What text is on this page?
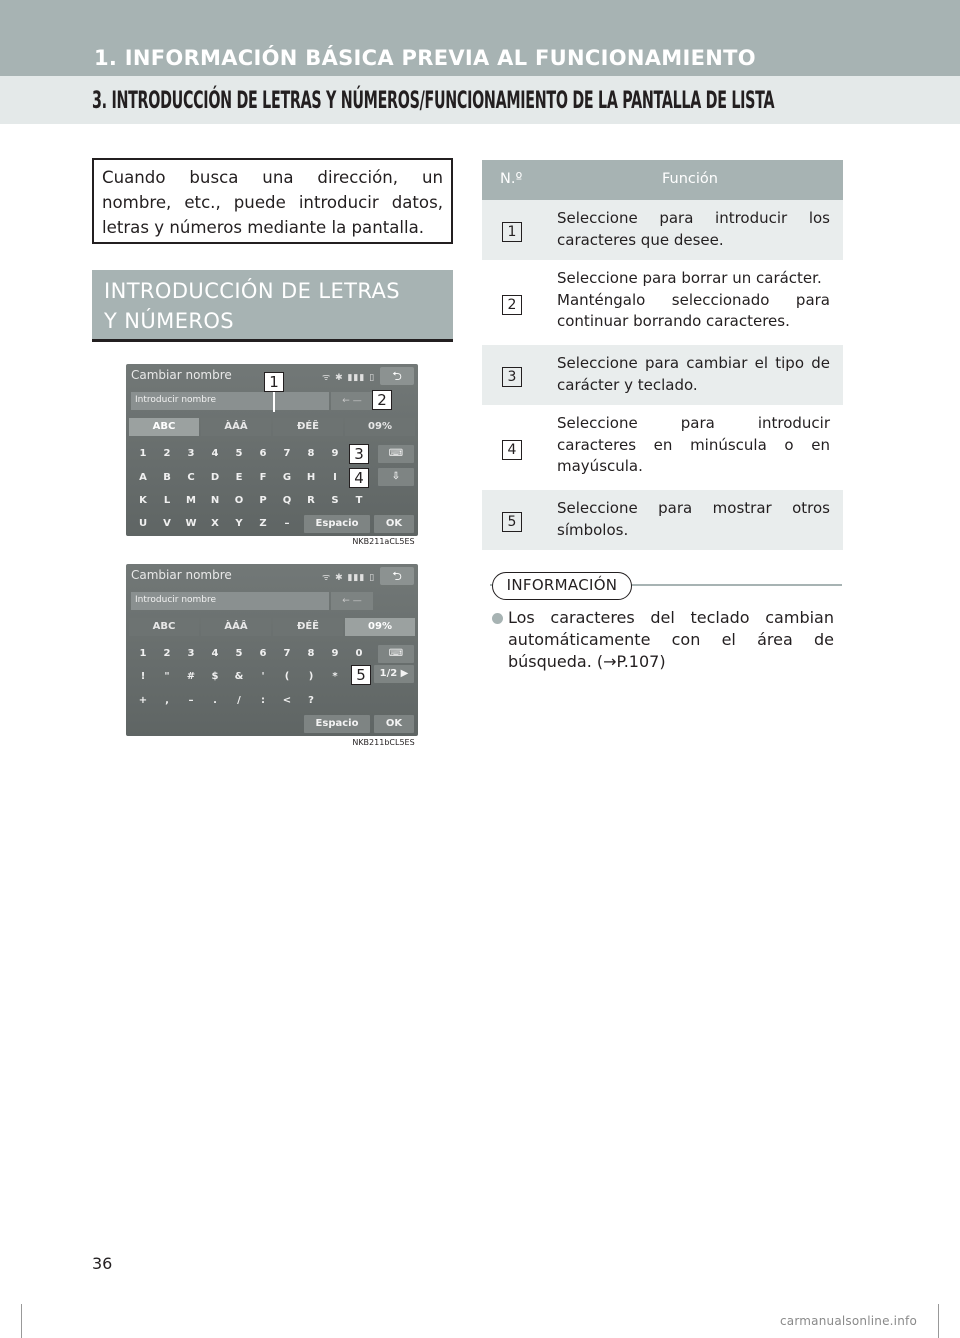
1. INFORMACIÓN BÁSICA PREVIA AL FUNCIONAMIENTO
3. INTRODUCCIÓN DE LETRAS Y NÚMEROS/FUNCIONAMIENTO DE LA PANTALLA DE LISTA
Cuando busca una dirección, un
nombre, etc., puede introducir datos,
letras y números mediante la pantalla.
INTRODUCCIÓN DE LETRAS
Y NÚMEROS
Cambiar nombre	ᯤ ✱ ▮▮▮ ▯	⮌
Introducir nombre	← —
ABC	ÀÁÂ	ĐÉÊ	09%
1	2	3	4	5	6	7	8	9
A	B	C	D	E	F	G	H	I
K	L	M	N	O	P	Q	R	S	T
U	V	W	X	Y	Z	–
⌨
⇩
Espacio	OK
1
2
3
4
NKB211aCL5ES
Cambiar nombre	ᯤ ✱ ▮▮▮ ▯	⮌
Introducir nombre	← —
ABC	ÀÁÂ	ĐÉÊ	09%
1	2	3	4	5	6	7	8	9	0
!	"	#	$	&	'	(	)	*
+	,	–	.	/	:	<	?
⌨
1/2 ▶
Espacio	OK
5
NKB211bCL5ES
N.º	Función
1
Seleccione para introducir los
caracteres que desee.
2
Seleccione para borrar un carácter.
Manténgalo seleccionado para
continuar borrando caracteres.
3
Seleccione para cambiar el tipo de
carácter y teclado.
4
Seleccione para introducir
caracteres en minúscula o en
mayúscula.
5
Seleccione para mostrar otros
símbolos.
INFORMACIÓN
Los caracteres del teclado cambian
automáticamente con el área de
búsqueda. (→P.107)
36
carmanualsonline.info
